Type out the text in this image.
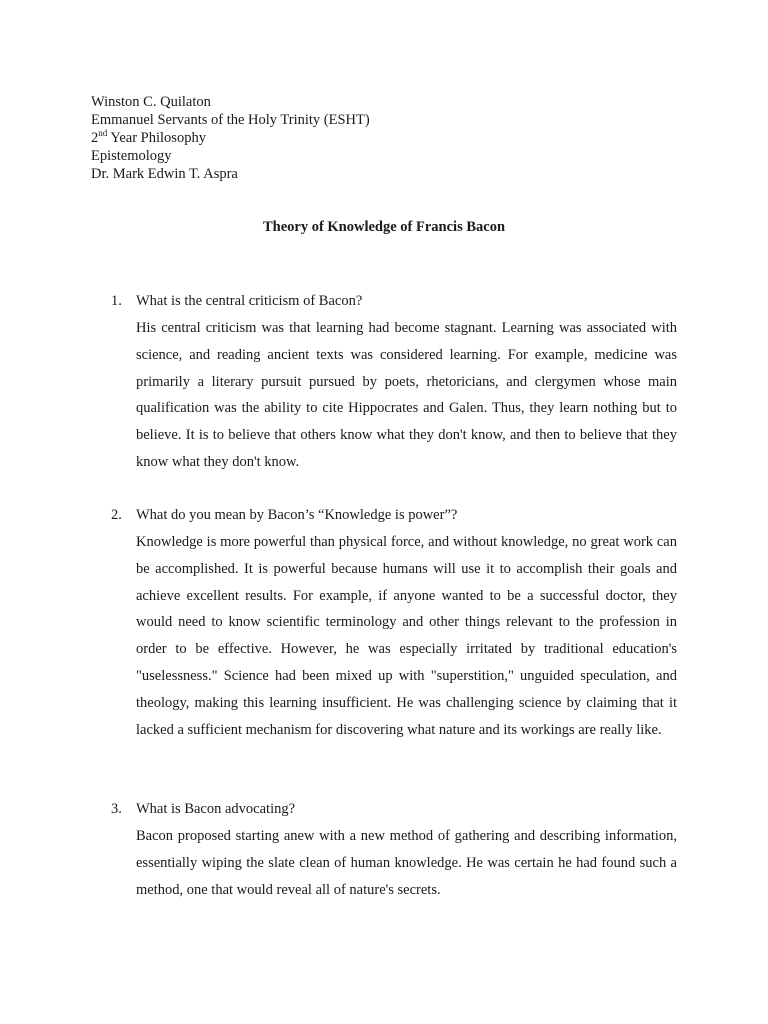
Winston C. Quilaton
Emmanuel Servants of the Holy Trinity (ESHT)
2nd Year Philosophy
Epistemology
Dr. Mark Edwin T. Aspra
Theory of Knowledge of Francis Bacon
1. What is the central criticism of Bacon?
His central criticism was that learning had become stagnant. Learning was associated with science, and reading ancient texts was considered learning. For example, medicine was primarily a literary pursuit pursued by poets, rhetoricians, and clergymen whose main qualification was the ability to cite Hippocrates and Galen. Thus, they learn nothing but to believe. It is to believe that others know what they don't know, and then to believe that they know what they don't know.
2. What do you mean by Bacon’s “Knowledge is power”?
Knowledge is more powerful than physical force, and without knowledge, no great work can be accomplished. It is powerful because humans will use it to accomplish their goals and achieve excellent results. For example, if anyone wanted to be a successful doctor, they would need to know scientific terminology and other things relevant to the profession in order to be effective. However, he was especially irritated by traditional education's "uselessness." Science had been mixed up with "superstition," unguided speculation, and theology, making this learning insufficient. He was challenging science by claiming that it lacked a sufficient mechanism for discovering what nature and its workings are really like.
3. What is Bacon advocating?
Bacon proposed starting anew with a new method of gathering and describing information, essentially wiping the slate clean of human knowledge. He was certain he had found such a method, one that would reveal all of nature's secrets.
